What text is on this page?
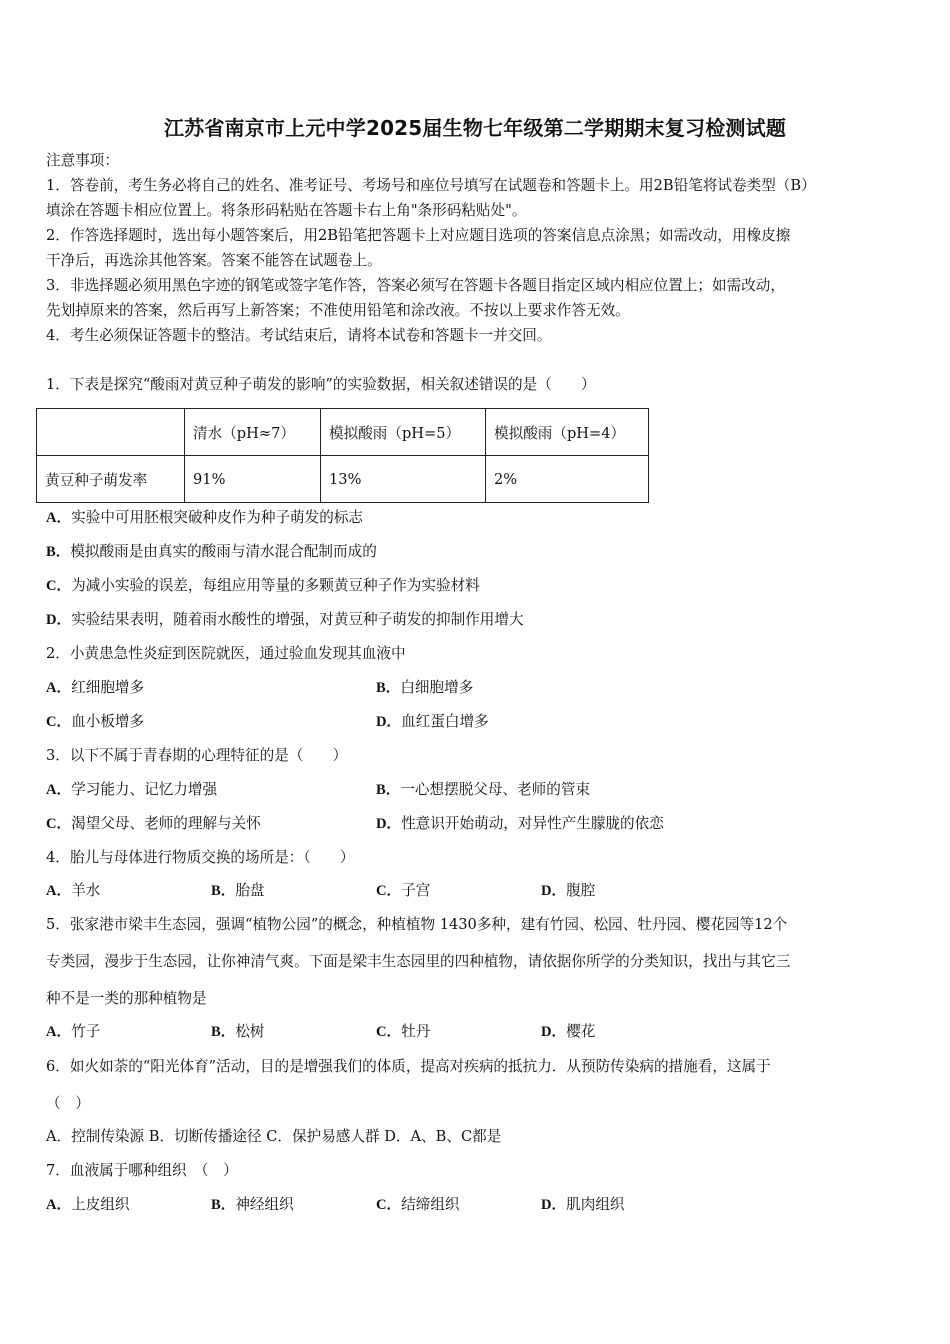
江苏省南京市上元中学2025届生物七年级第二学期期末复习检测试题
注意事项：
1．答卷前，考生务必将自己的姓名、准考证号、考场号和座位号填写在试题卷和答题卡上。用2B铅笔将试卷类型（B）
填涂在答题卡相应位置上。将条形码粘贴在答题卡右上角"条形码粘贴处"。
2．作答选择题时，选出每小题答案后，用2B铅笔把答题卡上对应题目选项的答案信息点涂黑；如需改动，用橡皮擦
干净后，再选涂其他答案。答案不能答在试题卷上。
3．非选择题必须用黑色字迹的钢笔或签字笔作答，答案必须写在答题卡各题目指定区域内相应位置上；如需改动，
先划掉原来的答案，然后再写上新答案；不准使用铅笔和涂改液。不按以上要求作答无效。
4．考生必须保证答题卡的整洁。考试结束后，请将本试卷和答题卡一并交回。
1．下表是探究“酸雨对黄豆种子萌发的影响”的实验数据，相关叙述错误的是（　　）
	清水（pH≈7）	模拟酸雨（pH=5）	模拟酸雨（pH=4）
黄豆种子萌发率	91%	13%	2%
A．实验中可用胚根突破种皮作为种子萌发的标志
B．模拟酸雨是由真实的酸雨与清水混合配制而成的
C．为减小实验的误差，每组应用等量的多颗黄豆种子作为实验材料
D．实验结果表明，随着雨水酸性的增强，对黄豆种子萌发的抑制作用增大
2．小黄患急性炎症到医院就医，通过验血发现其血液中
A．红细胞增多	B．白细胞增多
C．血小板增多	D．血红蛋白增多
3．以下不属于青春期的心理特征的是（　　）
A．学习能力、记忆力增强	B．一心想摆脱父母、老师的管束
C．渴望父母、老师的理解与关怀	D．性意识开始萌动，对异性产生朦胧的依恋
4．胎儿与母体进行物质交换的场所是：（　　）
A．羊水	B．胎盘	C．子宫	D．腹腔
5．张家港市梁丰生态园，强调“植物公园”的概念，种植植物 1430多种，建有竹园、松园、牡丹园、樱花园等12个
专类园，漫步于生态园，让你神清气爽。下面是梁丰生态园里的四种植物，请依据你所学的分类知识，找出与其它三
种不是一类的那种植物是
A．竹子	B．松树	C．牡丹	D．樱花
6．如火如荼的“阳光体育”活动，目的是增强我们的体质，提高对疾病的抵抗力．从预防传染病的措施看，这属于
（　）
A．控制传染源 B．切断传播途径 C．保护易感人群 D．A、B、C都是
7．血液属于哪种组织　（　）
A．上皮组织	B．神经组织	C．结缔组织	D．肌肉组织
